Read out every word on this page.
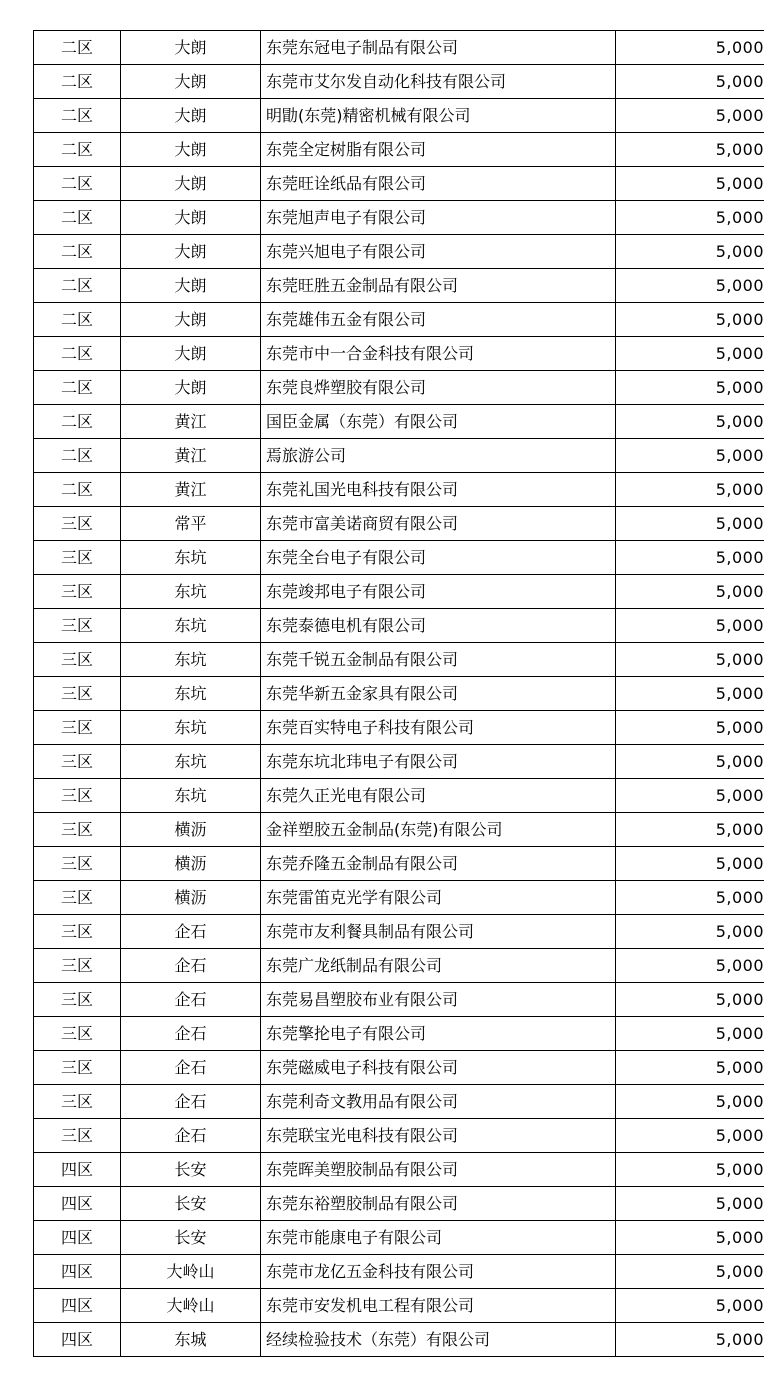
二区	大朗	东莞东冠电子制品有限公司	5,000
二区	大朗	东莞市艾尔发自动化科技有限公司	5,000
二区	大朗	明勖(东莞)精密机械有限公司	5,000
二区	大朗	东莞全定树脂有限公司	5,000
二区	大朗	东莞旺诠纸品有限公司	5,000
二区	大朗	东莞旭声电子有限公司	5,000
二区	大朗	东莞兴旭电子有限公司	5,000
二区	大朗	东莞旺胜五金制品有限公司	5,000
二区	大朗	东莞雄伟五金有限公司	5,000
二区	大朗	东莞市中一合金科技有限公司	5,000
二区	大朗	东莞良烨塑胶有限公司	5,000
二区	黄江	国臣金属（东莞）有限公司	5,000
二区	黄江	焉旅游公司	5,000
二区	黄江	东莞礼国光电科技有限公司	5,000
三区	常平	东莞市富美诺商贸有限公司	5,000
三区	东坑	东莞全台电子有限公司	5,000
三区	东坑	东莞竣邦电子有限公司	5,000
三区	东坑	东莞泰德电机有限公司	5,000
三区	东坑	东莞千锐五金制品有限公司	5,000
三区	东坑	东莞华新五金家具有限公司	5,000
三区	东坑	东莞百实特电子科技有限公司	5,000
三区	东坑	东莞东坑北玮电子有限公司	5,000
三区	东坑	东莞久正光电有限公司	5,000
三区	横沥	金祥塑胶五金制品(东莞)有限公司	5,000
三区	横沥	东莞乔隆五金制品有限公司	5,000
三区	横沥	东莞雷笛克光学有限公司	5,000
三区	企石	东莞市友利餐具制品有限公司	5,000
三区	企石	东莞广龙纸制品有限公司	5,000
三区	企石	东莞易昌塑胶布业有限公司	5,000
三区	企石	东莞擎抡电子有限公司	5,000
三区	企石	东莞磁威电子科技有限公司	5,000
三区	企石	东莞利奇文教用品有限公司	5,000
三区	企石	东莞联宝光电科技有限公司	5,000
四区	长安	东莞晖美塑胶制品有限公司	5,000
四区	长安	东莞东裕塑胶制品有限公司	5,000
四区	长安	东莞市能康电子有限公司	5,000
四区	大岭山	东莞市龙亿五金科技有限公司	5,000
四区	大岭山	东莞市安发机电工程有限公司	5,000
四区	东城	经续检验技术（东莞）有限公司	5,000
